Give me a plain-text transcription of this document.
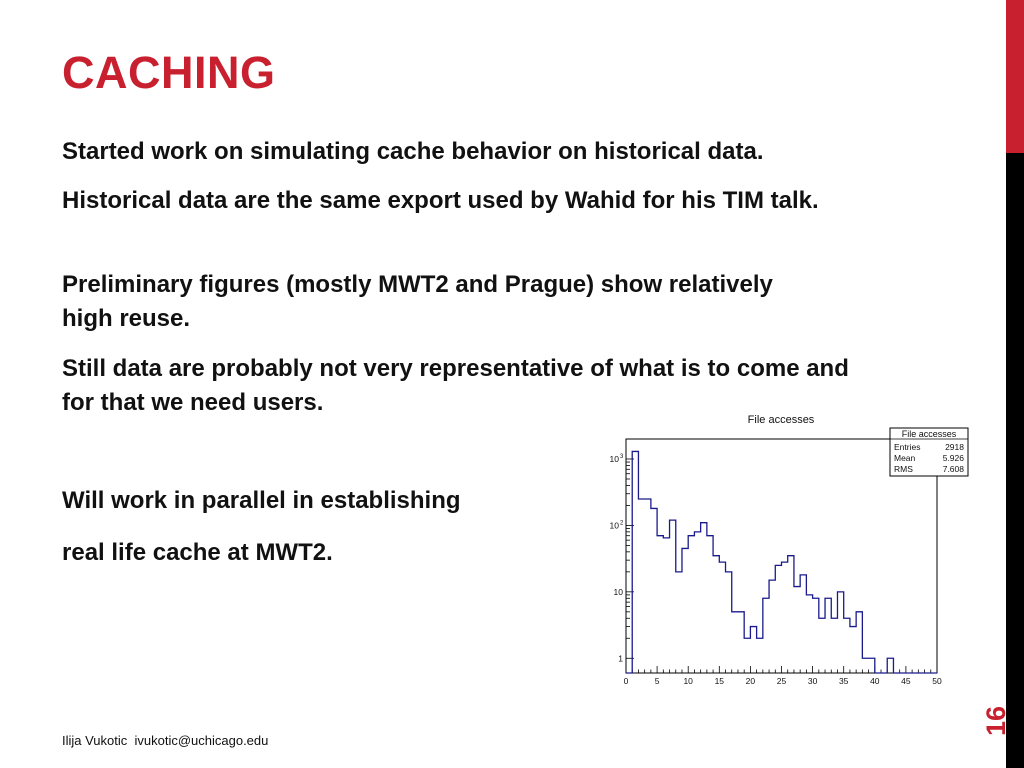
CACHING

Started work on simulating cache behavior on historical data.

Historical data are the same export used by Wahid for his TIM talk.

Preliminary figures (mostly MWT2 and Prague) show relatively high reuse.

Still data are probably not very representative of what is to come and for that we need users.

Will work in parallel in establishing

real life cache at MWT2.

File accesses
0	5	10	15	20	25	30	35	40	45	50
1
10
10 2
10 3
File accesses
Entries	2918
Mean	5.926
RMS	7.608
Ilija Vukotic  ivukotic@uchicago.edu
16
